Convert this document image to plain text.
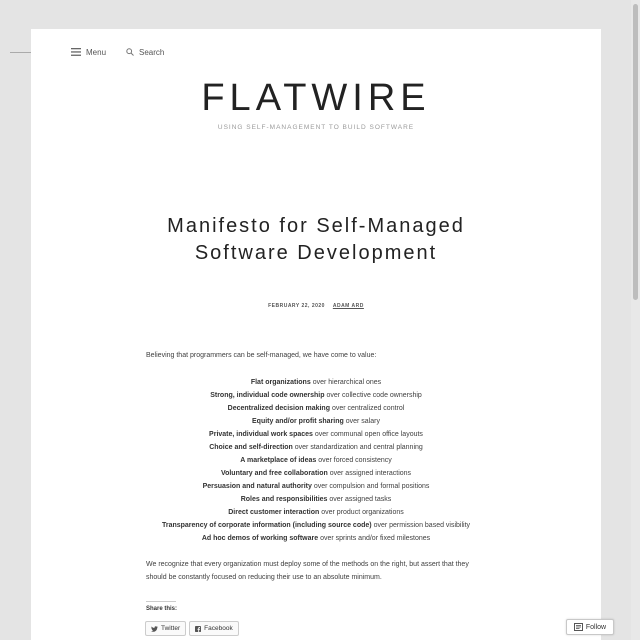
Menu	Search
FLATWIRE
USING SELF-MANAGEMENT TO BUILD SOFTWARE
Manifesto for Self-Managed
Software Development
FEBRUARY 22, 2020 ADAM ARD

Believing that programmers can be self-managed, we have come to value:

Flat organizations over hierarchical ones
Strong, individual code ownership over collective code ownership
Decentralized decision making over centralized control
Equity and/or profit sharing over salary
Private, individual work spaces over communal open office layouts
Choice and self-direction over standardization and central planning
A marketplace of ideas over forced consistency
Voluntary and free collaboration over assigned interactions
Persuasion and natural authority over compulsion and formal positions
Roles and responsibilities over assigned tasks
Direct customer interaction over product organizations
Transparency of corporate information (including source code) over permission based visibility
Ad hoc demos of working software over sprints and/or fixed milestones

We recognize that every organization must deploy some of the methods on the right, but assert that they should be constantly focused on reducing their use to an absolute minimum.

Share this:
Twitter	Facebook	Follow
